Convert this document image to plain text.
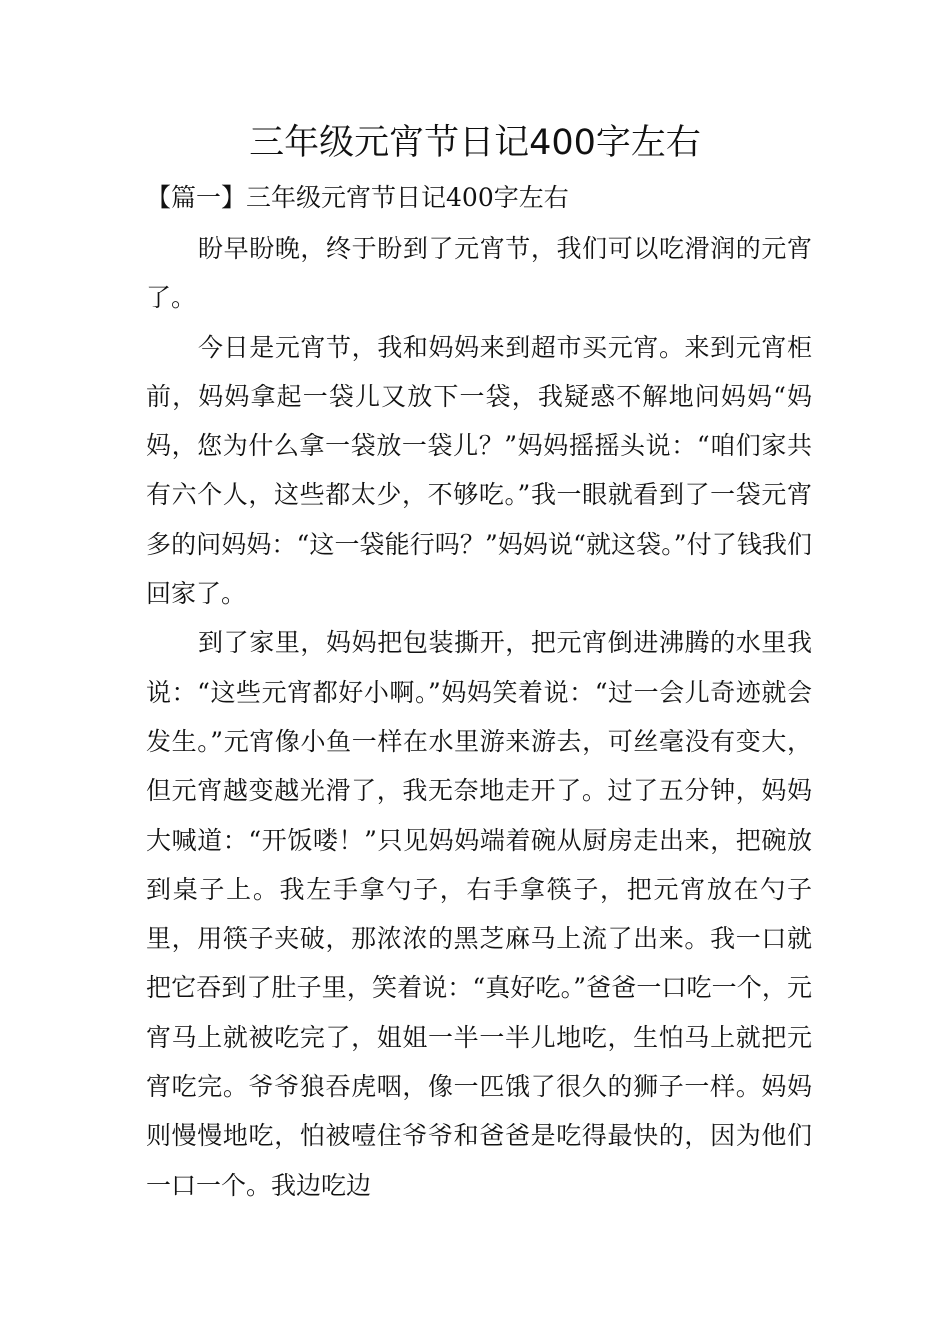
三年级元宵节日记400字左右
【篇一】三年级元宵节日记400字左右

盼早盼晚，终于盼到了元宵节，我们可以吃滑润的元宵了。

今日是元宵节，我和妈妈来到超市买元宵。来到元宵柜前，妈妈拿起一袋儿又放下一袋，我疑惑不解地问妈妈“妈妈，您为什么拿一袋放一袋儿？”妈妈摇摇头说：“咱们家共有六个人，这些都太少，不够吃。”我一眼就看到了一袋元宵多的问妈妈：“这一袋能行吗？”妈妈说“就这袋。”付了钱我们回家了。

到了家里，妈妈把包装撕开，把元宵倒进沸腾的水里我说：“这些元宵都好小啊。”妈妈笑着说：“过一会儿奇迹就会发生。”元宵像小鱼一样在水里游来游去，可丝毫没有变大，但元宵越变越光滑了，我无奈地走开了。过了五分钟，妈妈大喊道：“开饭喽！”只见妈妈端着碗从厨房走出来，把碗放到桌子上。我左手拿勺子，右手拿筷子，把元宵放在勺子里，用筷子夹破，那浓浓的黑芝麻马上流了出来。我一口就把它吞到了肚子里，笑着说：“真好吃。”爸爸一口吃一个，元宵马上就被吃完了，姐姐一半一半儿地吃，生怕马上就把元宵吃完。爷爷狼吞虎咽，像一匹饿了很久的狮子一样。妈妈则慢慢地吃，怕被噎住爷爷和爸爸是吃得最快的，因为他们一口一个。我边吃边
